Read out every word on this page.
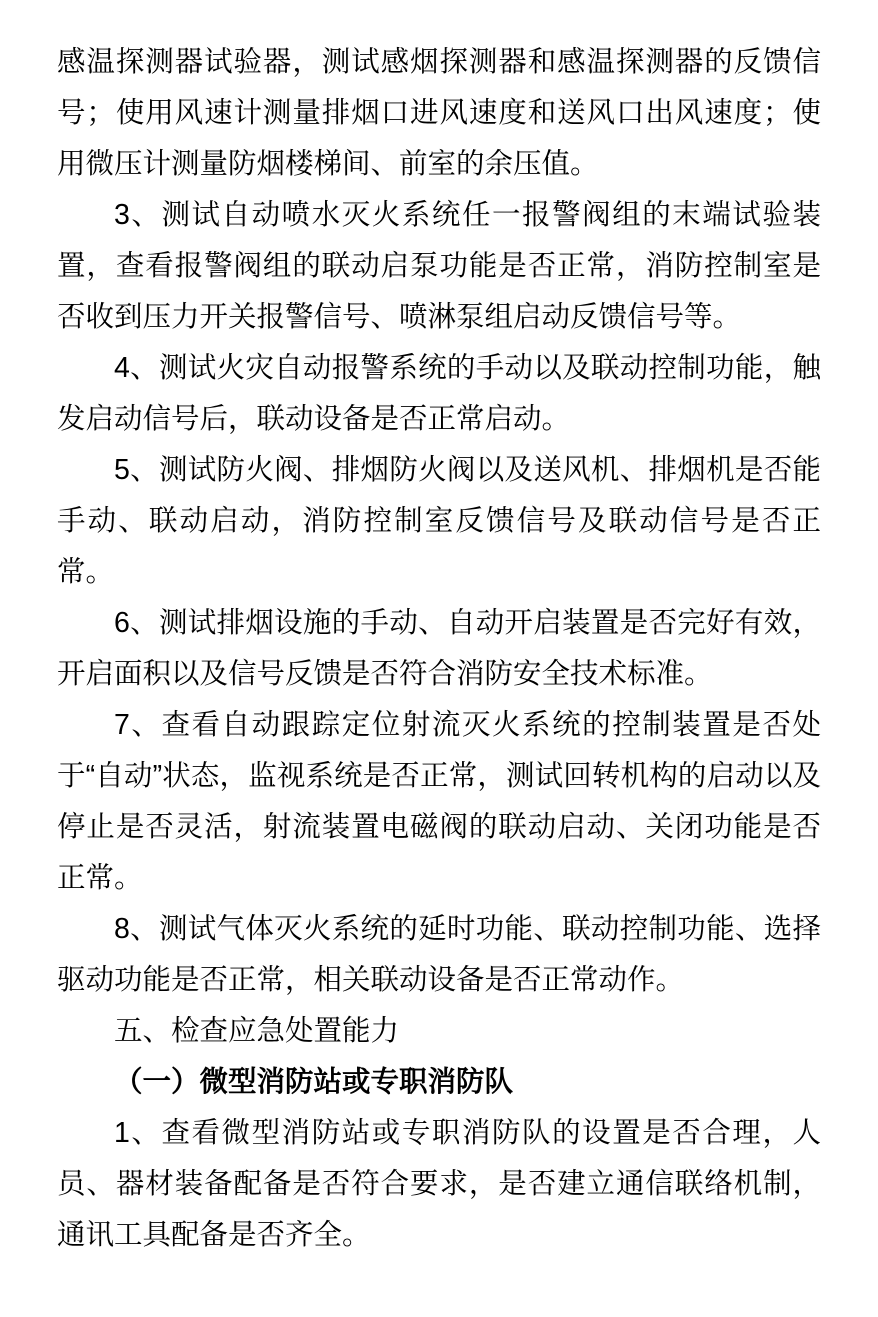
感温探测器试验器，测试感烟探测器和感温探测器的反馈信号；使用风速计测量排烟口进风速度和送风口出风速度；使用微压计测量防烟楼梯间、前室的余压值。

3、测试自动喷水灭火系统任一报警阀组的末端试验装置，查看报警阀组的联动启泵功能是否正常，消防控制室是否收到压力开关报警信号、喷淋泵组启动反馈信号等。

4、测试火灾自动报警系统的手动以及联动控制功能，触发启动信号后，联动设备是否正常启动。

5、测试防火阀、排烟防火阀以及送风机、排烟机是否能手动、联动启动，消防控制室反馈信号及联动信号是否正常。

6、测试排烟设施的手动、自动开启装置是否完好有效，开启面积以及信号反馈是否符合消防安全技术标准。

7、查看自动跟踪定位射流灭火系统的控制装置是否处于“自动”状态，监视系统是否正常，测试回转机构的启动以及停止是否灵活，射流装置电磁阀的联动启动、关闭功能是否正常。

8、测试气体灭火系统的延时功能、联动控制功能、选择驱动功能是否正常，相关联动设备是否正常动作。

五、检查应急处置能力

（一）微型消防站或专职消防队

1、查看微型消防站或专职消防队的设置是否合理，人员、器材装备配备是否符合要求，是否建立通信联络机制，通讯工具配备是否齐全。
